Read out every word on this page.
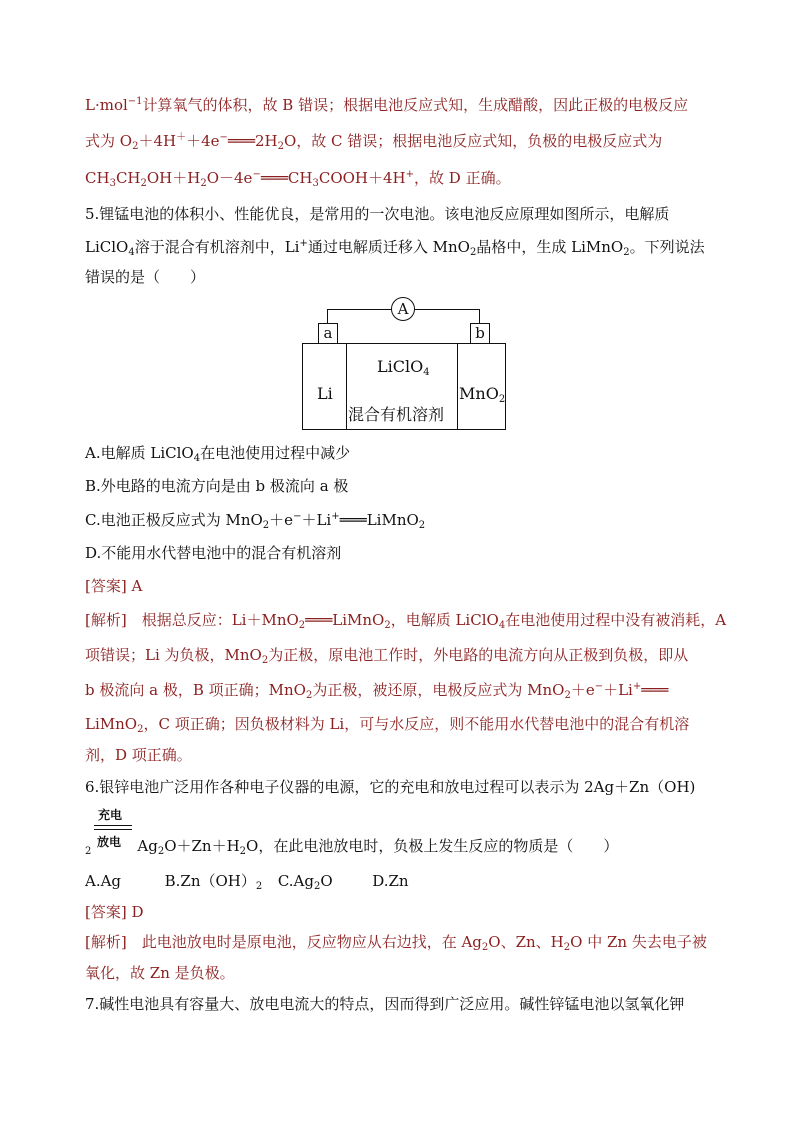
L·mol$^{-1}$计算氧气的体积，故 B 错误；根据电池反应式知，生成醋酸，因此正极的电极反应
式为 $O_2+4H^++4e^-═══2H_2O$，故 C 错误；根据电池反应式知，负极的电极反应式为
$CH_3CH_2OH+H_2O-4e^-═══CH_3COOH+4H^+$，故 D 正确。
5.锂锰电池的体积小、性能优良，是常用的一次电池。该电池反应原理如图所示，电解质
LiClO$_4$溶于混合有机溶剂中，Li+通过电解质迁移入 MnO$_2$晶格中，生成 LiMnO$_2$。下列说法
错误的是（　　）
A
a	b
Li
LiClO$_4$
混合有机溶剂
MnO$_2$
A.电解质 LiClO$_4$在电池使用过程中减少
B.外电路的电流方向是由 b 极流向 a 极
C.电池正极反应式为 MnO$_2$＋e−＋Li+═══LiMnO$_2$
D.不能用水代替电池中的混合有机溶剂
[答案] A
[解析]　根据总反应：Li＋MnO$_2$═══LiMnO$_2$，电解质 LiClO$_4$在电池使用过程中没有被消耗，A
项错误；Li 为负极，MnO$_2$为正极，原电池工作时，外电路的电流方向从正极到负极，即从
b 极流向 a 极，B 项正确；MnO$_2$为正极，被还原，电极反应式为 MnO$_2$＋e−＋Li+═══
LiMnO$_2$，C 项正确；因负极材料为 Li，可与水反应，则不能用水代替电池中的混合有机溶
剂，D 项正确。
6.银锌电池广泛用作各种电子仪器的电源，它的充电和放电过程可以表示为 2Ag＋Zn（OH)
充电
放电
$_2$	$Ag_2O+Zn+H_2O$，在此电池放电时，负极上发生反应的物质是（　　）
A.Ag	$B.Zn(OH)_2$ $C.Ag_2O$	D.Zn
[答案] D
[解析]　此电池放电时是原电池，反应物应从右边找，在 $Ag_2O$、Zn、$H_2O$ 中 Zn 失去电子被
氧化，故 Zn 是负极。
7.碱性电池具有容量大、放电电流大的特点，因而得到广泛应用。碱性锌锰电池以氢氧化钾
